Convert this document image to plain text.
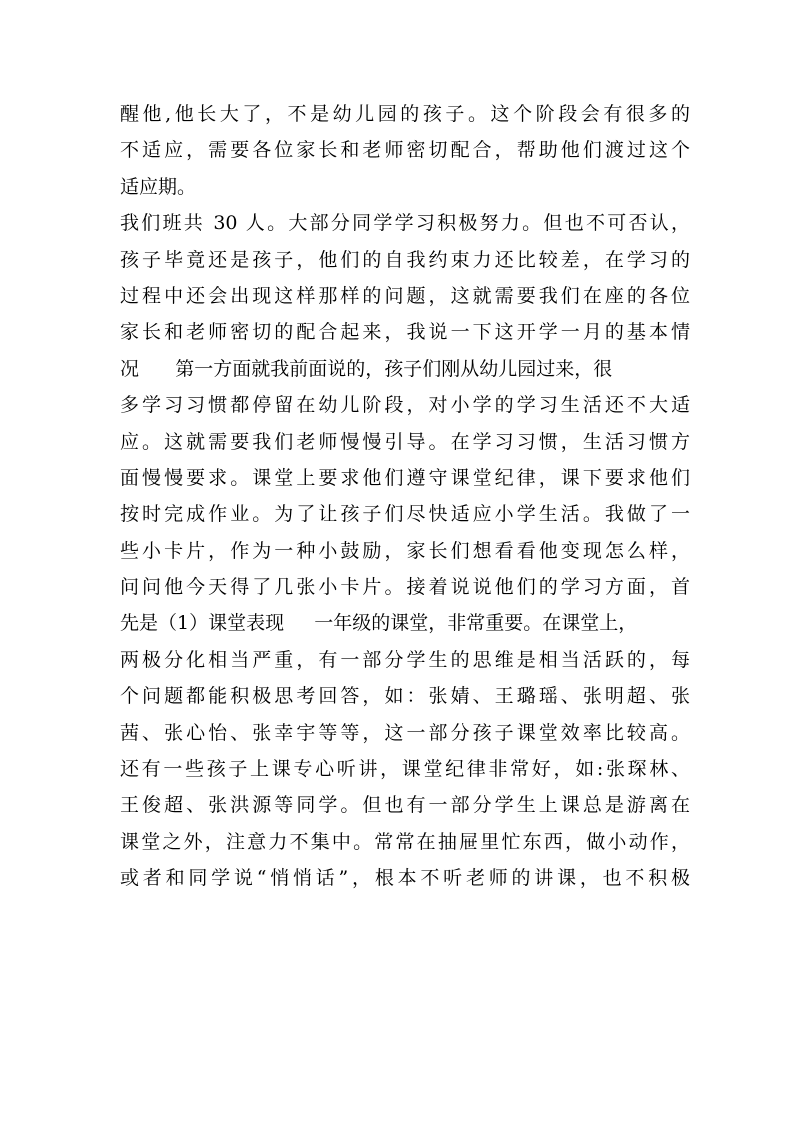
醒他,他长大了，不是幼儿园的孩子。这个阶段会有很多的
不适应，需要各位家长和老师密切配合，帮助他们渡过这个
适应期。
我们班共 30 人。大部分同学学习积极努力。但也不可否认，
孩子毕竟还是孩子，他们的自我约束力还比较差，在学习的
过程中还会出现这样那样的问题，这就需要我们在座的各位
家长和老师密切的配合起来，我说一下这开学一月的基本情
况      第一方面就我前面说的，孩子们刚从幼儿园过来，很
多学习习惯都停留在幼儿阶段，对小学的学习生活还不大适
应。这就需要我们老师慢慢引导。在学习习惯，生活习惯方
面慢慢要求。课堂上要求他们遵守课堂纪律，课下要求他们
按时完成作业。为了让孩子们尽快适应小学生活。我做了一
些小卡片，作为一种小鼓励，家长们想看看他变现怎么样，
问问他今天得了几张小卡片。接着说说他们的学习方面，首
先是（1）课堂表现     一年级的课堂，非常重要。在课堂上，
两极分化相当严重，有一部分学生的思维是相当活跃的，每
个问题都能积极思考回答，如：张婧、王璐瑶、张明超、张
茜、张心怡、张幸宇等等，这一部分孩子课堂效率比较高。
还有一些孩子上课专心听讲，课堂纪律非常好，如:张琛林、
王俊超、张洪源等同学。但也有一部分学生上课总是游离在
课堂之外，注意力不集中。常常在抽屉里忙东西，做小动作，
或者和同学说“悄悄话”，根本不听老师的讲课，也不积极
